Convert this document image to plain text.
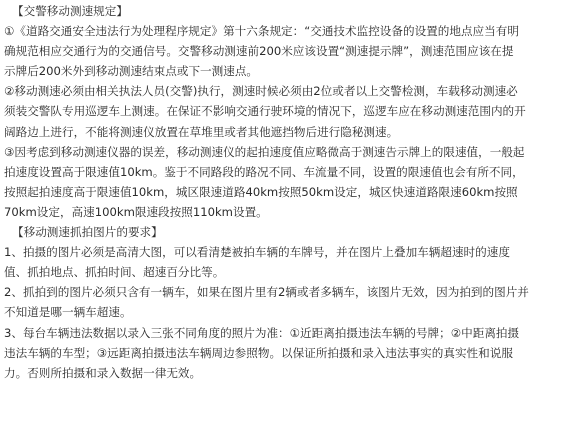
【交警移动测速规定】
①《道路交通安全违法行为处理程序规定》第十六条规定：“交通技术监控设备的设置的地点应当有明
确规范相应交通行为的交通信号。交警移动测速前200米应该设置“测速提示牌”，测速范围应该在提
示牌后200米外到移动测速结束点或下一测速点。
②移动测速必须由相关执法人员(交警)执行，测速时候必须由2位或者以上交警检测，车载移动测速必
须装交警队专用巡逻车上测速。在保证不影响交通行驶环境的情况下，巡逻车应在移动测速范围内的开
阔路边上进行，不能将测速仪放置在草堆里或者其他遮挡物后进行隐秘测速。
③因考虑到移动测速仪器的误差，移动测速仪的起拍速度值应略微高于测速告示牌上的限速值，一般起
拍速度设置高于限速值10km。鉴于不同路段的路况不同、车流量不同，设置的限速值也会有所不同，
按照起拍速度高于限速值10km，城区限速道路40km按照50km设定，城区快速道路限速60km按照
70km设定，高速100km限速段按照110km设置。
【移动测速抓拍图片的要求】
1、拍摄的图片必须是高清大图，可以看清楚被拍车辆的车牌号，并在图片上叠加车辆超速时的速度
值、抓拍地点、抓拍时间、超速百分比等。
2、抓拍到的图片必须只含有一辆车，如果在图片里有2辆或者多辆车，该图片无效，因为拍到的图片并
不知道是哪一辆车超速。
3、每台车辆违法数据以录入三张不同角度的照片为准：①近距离拍摄违法车辆的号牌；②中距离拍摄
违法车辆的车型；③远距离拍摄违法车辆周边参照物。以保证所拍摄和录入违法事实的真实性和说服
力。否则所拍摄和录入数据一律无效。
